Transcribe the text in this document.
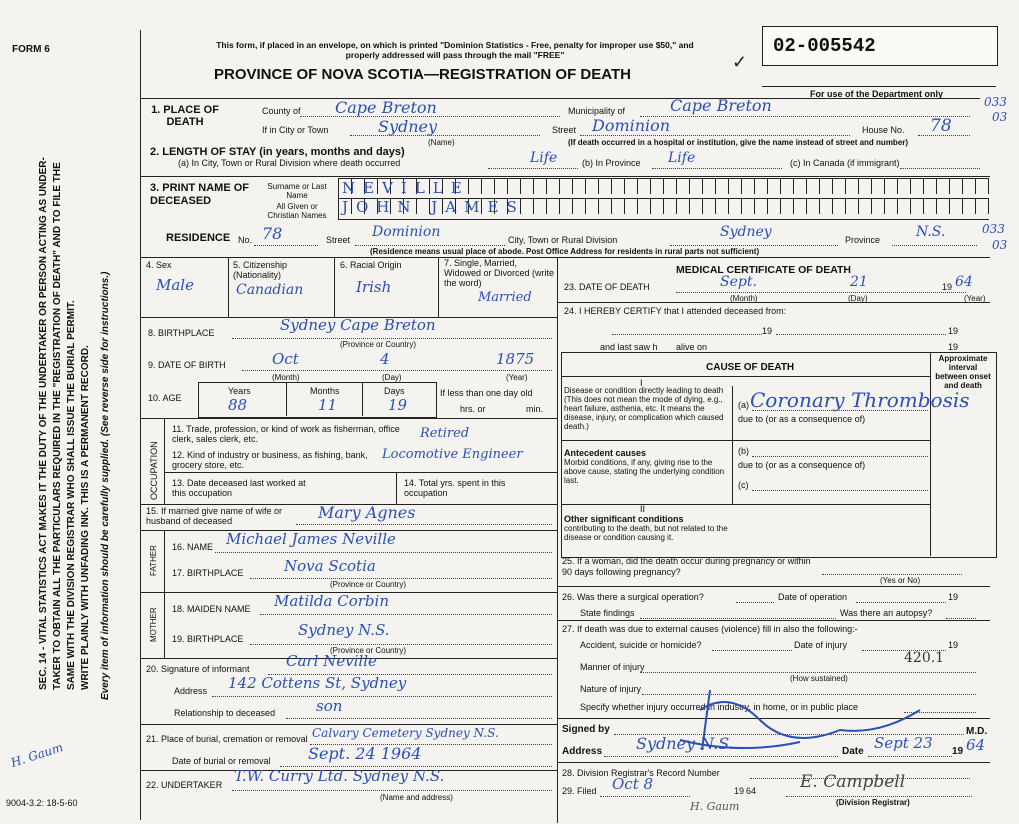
FORM 6
SEC. 14 - VITAL STATISTICS ACT MAKES IT THE DUTY OF THE UNDERTAKER OR PERSON ACTING AS UNDER- TAKER TO OBTAIN ALL THE PARTICULARS REQUIRED IN THE "REGISTRATION OF DEATH" AND TO FILE THE SAME WITH THE DIVISION REGISTRAR WHO SHALL ISSUE THE BURIAL PERMIT. WRITE PLAINLY WITH UNFADING INK. THIS IS A PERMANENT RECORD. Every item of information should be carefully supplied. (See reverse side for instructions.)
H. Gaum
9004-3.2: 18-5-60
This form, if placed in an envelope, on which is printed "Dominion Statistics - Free, penalty for improper use $50," and properly addressed will pass through the mail "FREE"
PROVINCE OF NOVA SCOTIA—REGISTRATION OF DEATH
02-005542
✓
For use of the Department only
033
03
1. PLACE OF DEATH
County of Cape Breton	Municipality of	Cape Breton
If in City or Town	Sydney
(Name)
Street Dominion	House No. 78
(If death occurred in a hospital or institution, give the name instead of street and number)
2. LENGTH OF STAY (in years, months and days)
(a) In City, Town or Rural Division where death occurred	Life	(b) In Province Life	(c) In Canada (if immigrant)
3. PRINT NAME OF DECEASED
Surname or Last Name
All Given or Christian Names
NEVILLE
JOHN JAMES
RESIDENCE No. 78	Street Dominion	City, Town or Rural Division	Sydney	Province	N.S.	033
03
(Residence means usual place of abode. Post Office Address for residents in rural parts not sufficient)
4. Sex
Male
5. Citizenship (Nationality)
Canadian
6. Racial Origin
Irish
7. Single, Married, Widowed or Divorced (write the word)
Married
8. BIRTHPLACE	Sydney Cape Breton
(Province or Country)
9. DATE OF BIRTH	Oct	4	1875
(Month)	(Day)	(Year)
10. AGE
Years	Months	Days
88	11	19
If less than one day old
hrs. or	min.
OCCUPATION
11. Trade, profession, or kind of work as fisherman, office clerk, sales clerk, etc.	Retired
12. Kind of industry or business, as fishing, bank, grocery store, etc.
Locomotive Engineer
13. Date deceased last worked at this occupation
14. Total yrs. spent in this occupation
15. If married give name of wife or husband of deceased	Mary Agnes
FATHER 16. NAME Michael James Neville
17. BIRTHPLACE	Nova Scotia
(Province or Country)
MOTHER 18. MAIDEN NAME Matilda Corbin
19. BIRTHPLACE	Sydney N.S.
(Province or Country)
20. Signature of informant Carl Neville
Address 142 Cottens St, Sydney
Relationship to deceased	son
21. Place of burial, cremation or removal Calvary Cemetery Sydney N.S.
Date of burial or removal Sept. 24 1964
22. UNDERTAKER T.W. Curry Ltd. Sydney N.S.
(Name and address)
MEDICAL CERTIFICATE OF DEATH
23. DATE OF DEATH	Sept.	21	19 64
(Month)	(Day)	(Year)
24. I HEREBY CERTIFY that I attended deceased from:
19	19
and last saw h alive on	19
CAUSE OF DEATH
Approximate interval between onset and death
I
Disease or condition directly leading to death (This does not mean the mode of dying, e.g., heart failure, asthenia, etc. It means the disease, injury, or complication which caused death.)
(a) Coronary Thrombosis
due to (or as a consequence of)
Antecedent causes
Morbid conditions, if any, giving rise to the above cause, stating the underlying condition last.
(b)
due to (or as a consequence of)
(c)
II
Other significant conditions
contributing to the death, but not related to the disease or condition causing it.
25. If a woman, did the death occur during pregnancy or within 90 days following pregnancy?
(Yes or No)
26. Was there a surgical operation?	Date of operation	19
State findings	Was there an autopsy?
27. If death was due to external causes (violence) fill in also the following:-
Accident, suicide or homicide?	Date of injury	19
Manner of injury
420.1
(How sustained)
Nature of injury
Specify whether injury occurred in industry, in home, or in public place
Signed by	M.D.
Address Sydney N.S.	Date Sept 23 19 64
28. Division Registrar's Record Number
29. Filed Oct 8	19 64	E. Campbell
(Division Registrar)
H. Gaum
